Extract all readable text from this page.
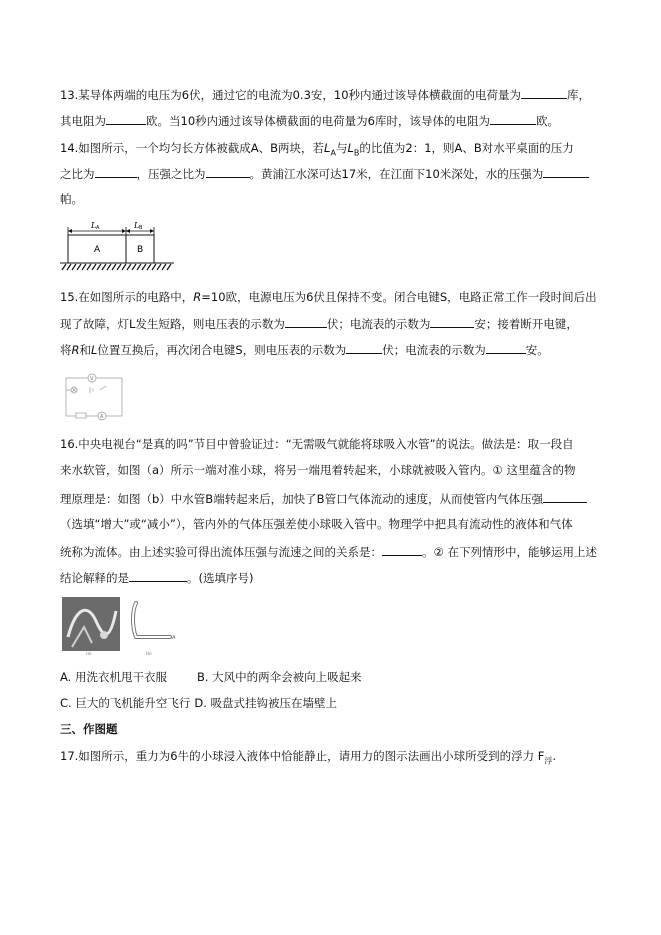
13.某导体两端的电压为6伏，通过它的电流为0.3安，10秒内通过该导体横截面的电荷量为	库，
其电阻为	欧。当10秒内通过该导体横截面的电荷量为6库时，该导体的电阻为	欧。
14.如图所示，一个均匀长方体被截成A、B两块，若$L_A$与$L_B$的比值为2：1，则A、B对水平桌面的压力
之比为	，压强之比为	。黄浦江水深可达17米，在江面下10米深处，水的压强为
帕。
L A	L B
A	B
15.在如图所示的电路中，R=10欧，电源电压为6伏且保持不变。闭合电键S，电路正常工作一段时间后出
现了故障，灯L发生短路，则电压表的示数为	伏；电流表的示数为	安；接着断开电键，
将R和L位置互换后，再次闭合电键S，则电压表的示数为	伏；电流表的示数为	安。
V
A
16.中央电视台“是真的吗”节目中曾验证过：“无需吸气就能将球吸入水管”的说法。做法是：取一段自
来水软管，如图（a）所示一端对准小球，将另一端甩着转起来，小球就被吸入管内。① 这里蕴含的物
理原理是：如图（b）中水管B端转起来后，加快了B管口气体流动的速度，从而使管内气体压强
（选填“增大”或“减小”），管内外的气体压强差使小球吸入管中。物理学中把具有流动性的液体和气体
统称为流体。由上述实验可得出流体压强与流速之间的关系是：	。② 在下列情形中，能够运用上述
结论解释的是	。(选填序号)
A
(a)	(b)
A. 用洗衣机甩干衣服	B. 大风中的两伞会被向上吸起来
C. 巨大的飞机能升空飞行 D. 吸盘式挂钩被压在墙壁上
三、作图题
17.如图所示，重力为6牛的小球浸入液体中恰能静止，请用力的图示法画出小球所受到的浮力 $F_浮$.
